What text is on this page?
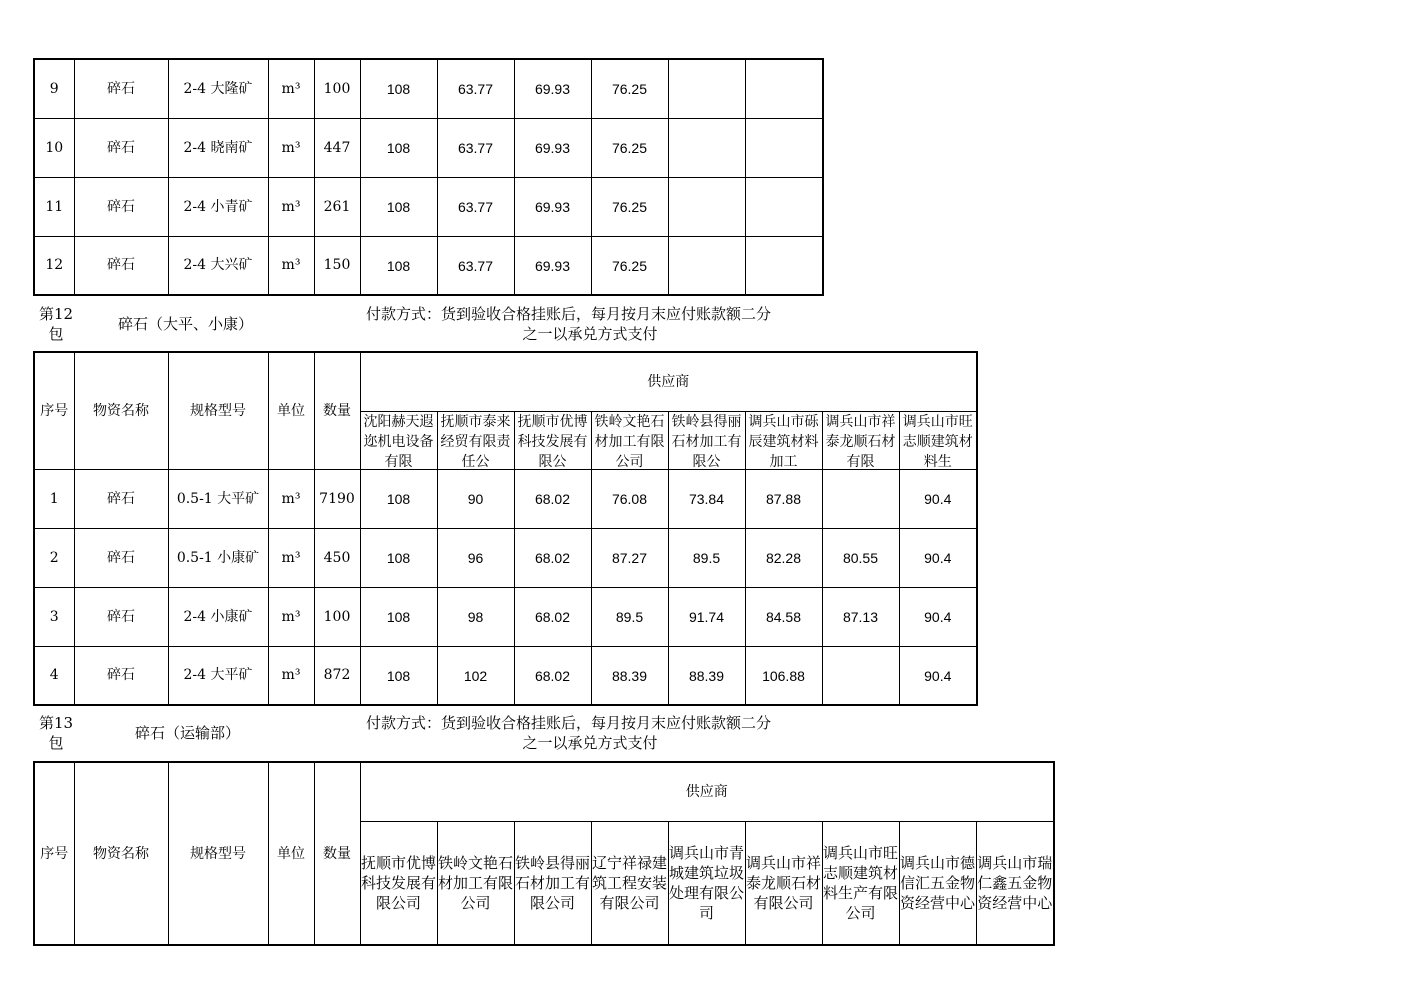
9	碎石	2-4 大隆矿	m³	100	108	63.77	69.93	76.25		
10	碎石	2-4 晓南矿	m³	447	108	63.77	69.93	76.25		
11	碎石	2-4 小青矿	m³	261	108	63.77	69.93	76.25		
12	碎石	2-4 大兴矿	m³	150	108	63.77	69.93	76.25		
第12包
碎石（大平、小康）
付款方式：货到验收合格挂账后，每月按月末应付账款额二分
之一以承兑方式支付
序号	物资名称	规格型号	单位	数量	供应商							

					沈阳赫天遐迩机电设备有限	抚顺市泰来经贸有限责任公	抚顺市优博科技发展有限公	铁岭文艳石材加工有限公司	铁岭县得丽石材加工有限公	调兵山市砾辰建筑材料加工	调兵山市祥泰龙顺石材有限	调兵山市旺志顺建筑材料生

1	碎石	0.5-1 大平矿	m³	7190	108	90	68.02	76.08	73.84	87.88		90.4
2	碎石	0.5-1 小康矿	m³	450	108	96	68.02	87.27	89.5	82.28	80.55	90.4
3	碎石	2-4 小康矿	m³	100	108	98	68.02	89.5	91.74	84.58	87.13	90.4
4	碎石	2-4 大平矿	m³	872	108	102	68.02	88.39	88.39	106.88		90.4
第13包
碎石（运输部）
付款方式：货到验收合格挂账后，每月按月末应付账款额二分
之一以承兑方式支付
序号	物资名称	规格型号	单位	数量	供应商								

					抚顺市优博科技发展有限公司	铁岭文艳石材加工有限公司	铁岭县得丽石材加工有限公司	辽宁祥禄建筑工程安装有限公司	调兵山市青城建筑垃圾处理有限公司	调兵山市祥泰龙顺石材有限公司	调兵山市旺志顺建筑材料生产有限公司	调兵山市德信汇五金物资经营中心	调兵山市瑞仁鑫五金物资经营中心
